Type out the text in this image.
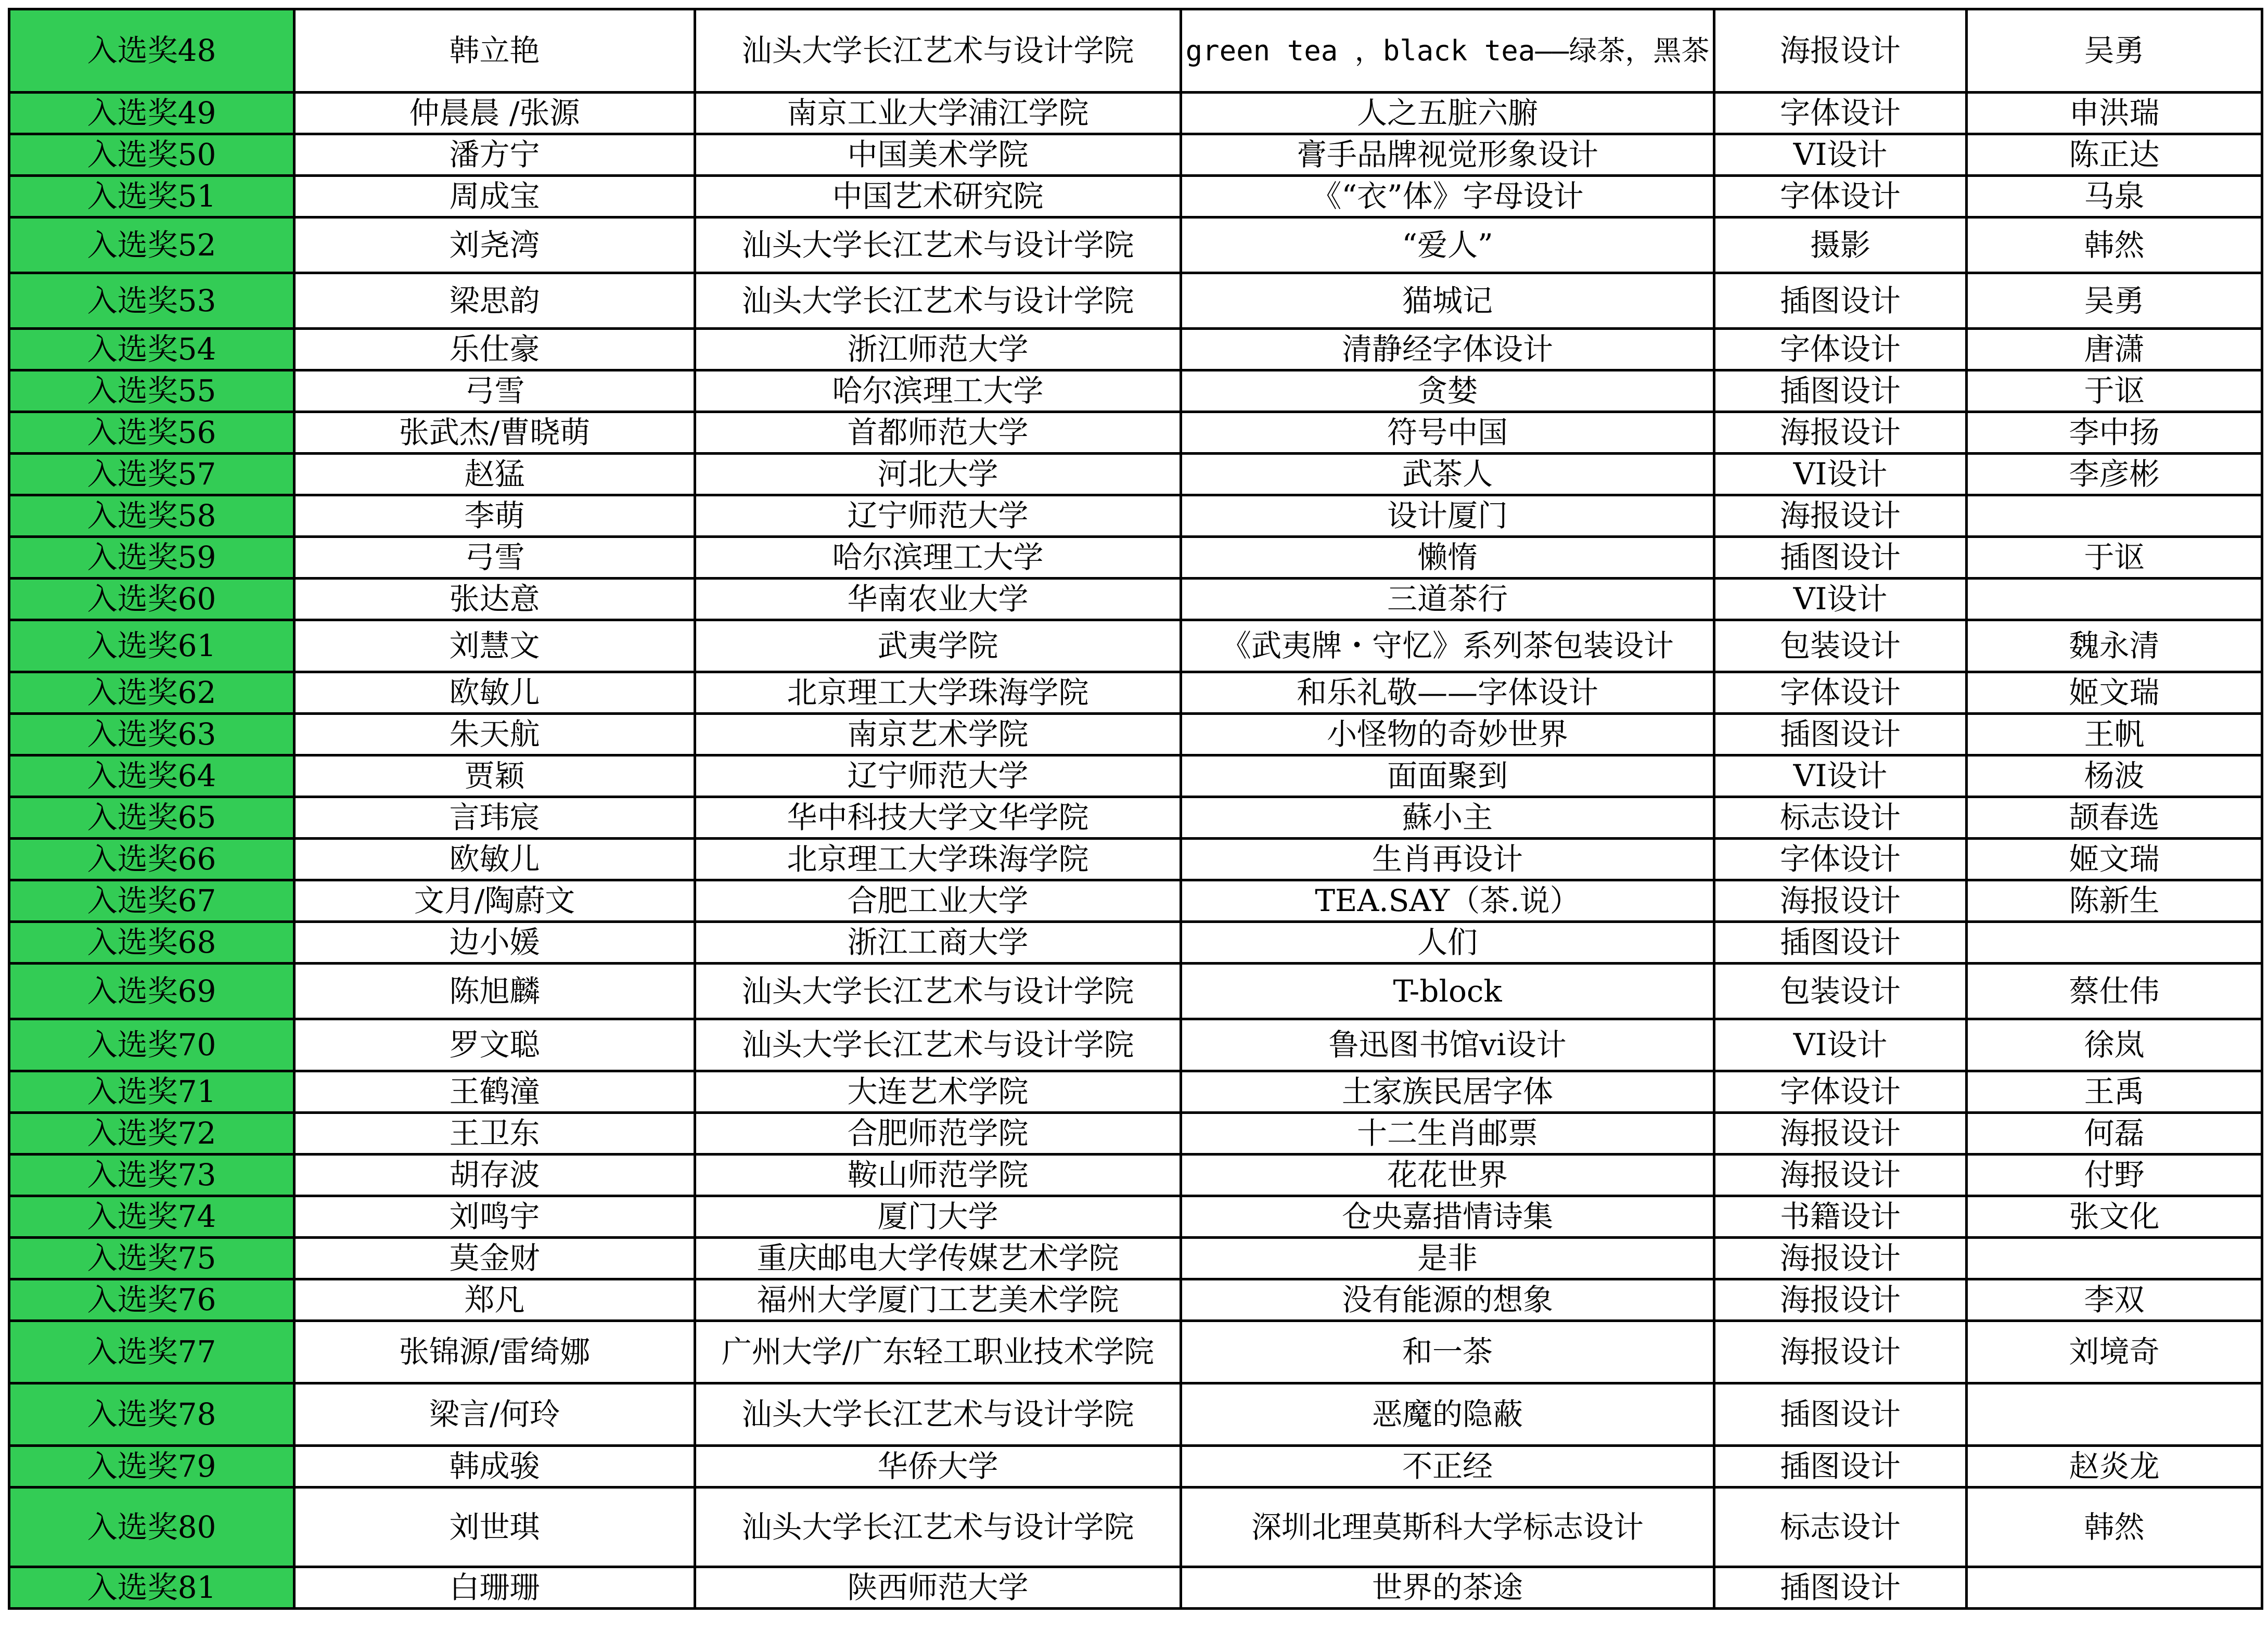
入选奖48	韩立艳	汕头大学长江艺术与设计学院	green tea ，black tea——绿茶，黑茶	海报设计	吴勇
入选奖49	仲晨晨 /张源	南京工业大学浦江学院	人之五脏六腑	字体设计	申洪瑞
入选奖50	潘方宁	中国美术学院	膏手品牌视觉形象设计	VI设计	陈正达
入选奖51	周成宝	中国艺术研究院	《“衣”体》字母设计	字体设计	马泉
入选奖52	刘尧湾	汕头大学长江艺术与设计学院	“爱人”	摄影	韩然
入选奖53	梁思韵	汕头大学长江艺术与设计学院	猫城记	插图设计	吴勇
入选奖54	乐仕豪	浙江师范大学	清静经字体设计	字体设计	唐潇
入选奖55	弓雪	哈尔滨理工大学	贪婪	插图设计	于讴
入选奖56	张武杰/曹晓萌	首都师范大学	符号中国	海报设计	李中扬
入选奖57	赵猛	河北大学	武茶人	VI设计	李彦彬
入选奖58	李萌	辽宁师范大学	设计厦门	海报设计	
入选奖59	弓雪	哈尔滨理工大学	懒惰	插图设计	于讴
入选奖60	张达意	华南农业大学	三道茶行	VI设计	
入选奖61	刘慧文	武夷学院	《武夷牌・守忆》系列茶包装设计	包装设计	魏永清
入选奖62	欧敏儿	北京理工大学珠海学院	和乐礼敬——字体设计	字体设计	姬文瑞
入选奖63	朱天航	南京艺术学院	小怪物的奇妙世界	插图设计	王帆
入选奖64	贾颖	辽宁师范大学	面面聚到	VI设计	杨波
入选奖65	言玮宸	华中科技大学文华学院	蘇小主	标志设计	颉春选
入选奖66	欧敏儿	北京理工大学珠海学院	生肖再设计	字体设计	姬文瑞
入选奖67	文月/陶蔚文	合肥工业大学	TEA.SAY（茶.说）	海报设计	陈新生
入选奖68	边小媛	浙江工商大学	人们	插图设计	
入选奖69	陈旭麟	汕头大学长江艺术与设计学院	T-block	包装设计	蔡仕伟
入选奖70	罗文聪	汕头大学长江艺术与设计学院	鲁迅图书馆vi设计	VI设计	徐岚
入选奖71	王鹤潼	大连艺术学院	土家族民居字体	字体设计	王禹
入选奖72	王卫东	合肥师范学院	十二生肖邮票	海报设计	何磊
入选奖73	胡存波	鞍山师范学院	花花世界	海报设计	付野
入选奖74	刘鸣宇	厦门大学	仓央嘉措情诗集	书籍设计	张文化
入选奖75	莫金财	重庆邮电大学传媒艺术学院	是非	海报设计	
入选奖76	郑凡	福州大学厦门工艺美术学院	没有能源的想象	海报设计	李双
入选奖77	张锦源/雷绮娜	广州大学/广东轻工职业技术学院	和一茶	海报设计	刘境奇
入选奖78	梁言/何玲	汕头大学长江艺术与设计学院	恶魔的隐蔽	插图设计	
入选奖79	韩成骏	华侨大学	不正经	插图设计	赵炎龙
入选奖80	刘世琪	汕头大学长江艺术与设计学院	深圳北理莫斯科大学标志设计	标志设计	韩然
入选奖81	白珊珊	陕西师范大学	世界的茶途	插图设计	
